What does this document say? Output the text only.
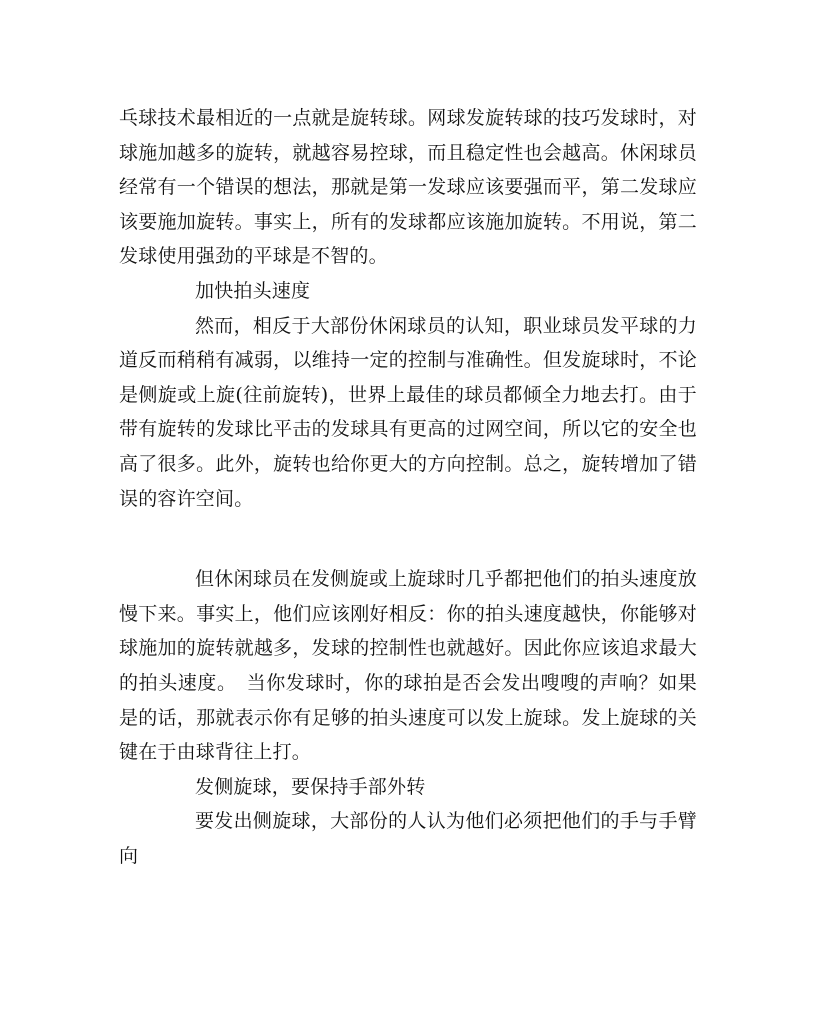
乓球技术最相近的一点就是旋转球。网球发旋转球的技巧发球时，对球施加越多的旋转，就越容易控球，而且稳定性也会越高。休闲球员经常有一个错误的想法，那就是第一发球应该要强而平，第二发球应该要施加旋转。事实上，所有的发球都应该施加旋转。不用说，第二发球使用强劲的平球是不智的。

加快拍头速度

然而，相反于大部份休闲球员的认知，职业球员发平球的力道反而稍稍有减弱，以维持一定的控制与准确性。但发旋球时，不论是侧旋或上旋(往前旋转)，世界上最佳的球员都倾全力地去打。由于带有旋转的发球比平击的发球具有更高的过网空间，所以它的安全也高了很多。此外，旋转也给你更大的方向控制。总之，旋转增加了错误的容许空间。

但休闲球员在发侧旋或上旋球时几乎都把他们的拍头速度放慢下来。事实上，他们应该刚好相反：你的拍头速度越快，你能够对球施加的旋转就越多，发球的控制性也就越好。因此你应该追求最大的拍头速度。　当你发球时，你的球拍是否会发出嗖嗖的声响？如果是的话，那就表示你有足够的拍头速度可以发上旋球。发上旋球的关键在于由球背往上打。

发侧旋球，要保持手部外转

要发出侧旋球，大部份的人认为他们必须把他们的手与手臂向
